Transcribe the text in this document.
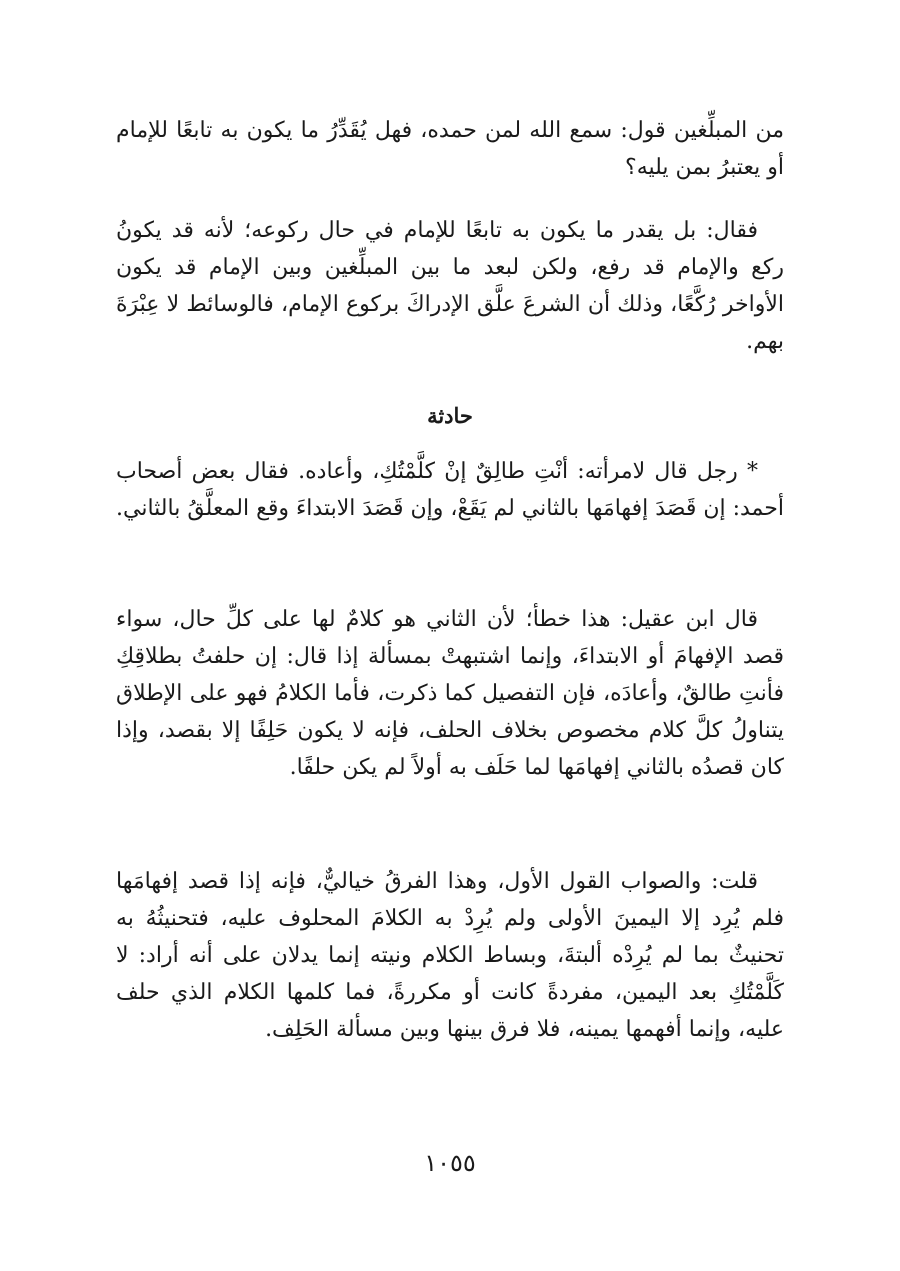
من المبلِّغين قول: سمع الله لمن حمده، فهل يُقَدِّرُ ما يكون به تابعًا للإمام أو يعتبرُ بمن يليه؟

فقال: بل يقدر ما يكون به تابعًا للإمام في حال ركوعه؛ لأنه قد يكونُ ركع والإمام قد رفع، ولكن لبعد ما بين المبلِّغين وبين الإمام قد يكون الأواخر رُكَّعًا، وذلك أن الشرعَ علَّق الإدراكَ بركوع الإمام، فالوسائط لا عِبْرَةَ بهم.

حادثة

* رجل قال لامرأته: أنْتِ طالِقٌ إنْ كلَّمْتُكِ، وأعاده. فقال بعض أصحاب أحمد: إن قَصَدَ إفهامَها بالثاني لم يَقَعْ، وإن قَصَدَ الابتداءَ وقع المعلَّقُ بالثاني.

قال ابن عقيل: هذا خطأ؛ لأن الثاني هو كلامٌ لها على كلِّ حال، سواء قصد الإفهامَ أو الابتداءَ، وإنما اشتبهتْ بمسألة إذا قال: إن حلفتُ بطلاقِكِ فأنتِ طالقٌ، وأعادَه، فإن التفصيل كما ذكرت، فأما الكلامُ فهو على الإطلاق يتناولُ كلَّ كلام مخصوص بخلاف الحلف، فإنه لا يكون حَلِفًا إلا بقصد، وإذا كان قصدُه بالثاني إفهامَها لما حَلَف به أولاً لم يكن حلفًا.

قلت: والصواب القول الأول، وهذا الفرقُ خياليٌّ، فإنه إذا قصد إفهامَها فلم يُرِد إلا اليمينَ الأولى ولم يُرِدْ به الكلامَ المحلوف عليه، فتحنيثُهُ به تحنيثٌ بما لم يُرِدْه ألبتةَ، وبساط الكلام ونيته إنما يدلان على أنه أراد: لا كَلَّمْتُكِ بعد اليمين، مفردةً كانت أو مكررةً، فما كلمها الكلام الذي حلف عليه، وإنما أفهمها يمينه، فلا فرق بينها وبين مسألة الحَلِف.

١٠٥٥
